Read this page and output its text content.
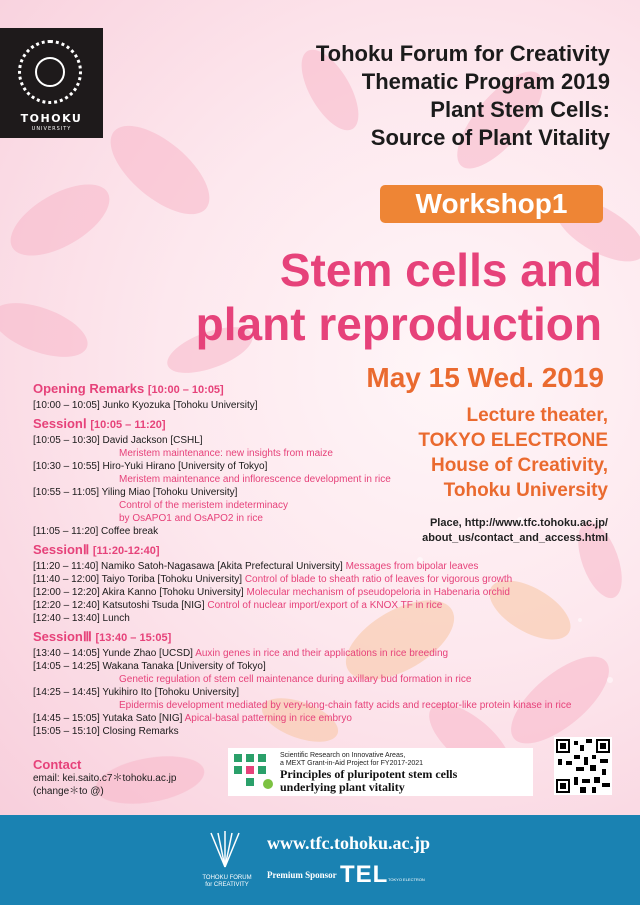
TOHOKU
UNIVERSITY
Tohoku Forum for Creativity
Thematic Program 2019
Plant Stem Cells:
Source of Plant Vitality
Workshop1
Stem cells and
plant reproduction
May 15 Wed. 2019
Lecture theater,
TOKYO ELECTRONE
House of Creativity,
Tohoku University
Place, http://www.tfc.tohoku.ac.jp/
about_us/contact_and_access.html
Opening Remarks [10:00 – 10:05]
[10:00 – 10:05] Junko Kyozuka [Tohoku University]
SessionⅠ [10:05 – 11:20]
[10:05 – 10:30] David Jackson [CSHL]
Meristem maintenance: new insights from maize
[10:30 – 10:55] Hiro-Yuki Hirano [University of Tokyo]
Meristem maintenance and inflorescence development in rice
[10:55 – 11:05] Yiling Miao [Tohoku University]
Control of the meristem indeterminacy
by OsAPO1 and OsAPO2 in rice
[11:05 – 11:20] Coffee break
SessionⅡ [11:20-12:40]
[11:20 – 11:40] Namiko Satoh-Nagasawa [Akita Prefectural University] Messages from bipolar leaves
[11:40 – 12:00] Taiyo Toriba [Tohoku University] Control of blade to sheath ratio of leaves for vigorous growth
[12:00 – 12:20] Akira Kanno [Tohoku University] Molecular mechanism of pseudopeloria in Habenaria orchid
[12:20 – 12:40] Katsutoshi Tsuda [NIG] Control of nuclear import/export of a KNOX TF in rice
[12:40 – 13:40] Lunch
SessionⅢ [13:40 – 15:05]
[13:40 – 14:05] Yunde Zhao [UCSD] Auxin genes in rice and their applications in rice breeding
[14:05 – 14:25] Wakana Tanaka [University of Tokyo]
Genetic regulation of stem cell maintenance during axillary bud formation in rice
[14:25 – 14:45] Yukihiro Ito [Tohoku University]
Epidermis development mediated by very-long-chain fatty acids and receptor-like protein kinase in rice
[14:45 – 15:05] Yutaka Sato [NIG] Apical-basal patterning in rice embryo
[15:05 – 15:10] Closing Remarks
Contact
email: kei.saito.c7＊tohoku.ac.jp
(change＊to @)
Scientific Research on Innovative Areas,
a MEXT Grant-in-Aid Project for FY2017-2021
Principles of pluripotent stem cells
underlying plant vitality
TOHOKU FORUM
for CREATIVITY
www.tfc.tohoku.ac.jp
Premium Sponsor TEL TOKYO ELECTRON
